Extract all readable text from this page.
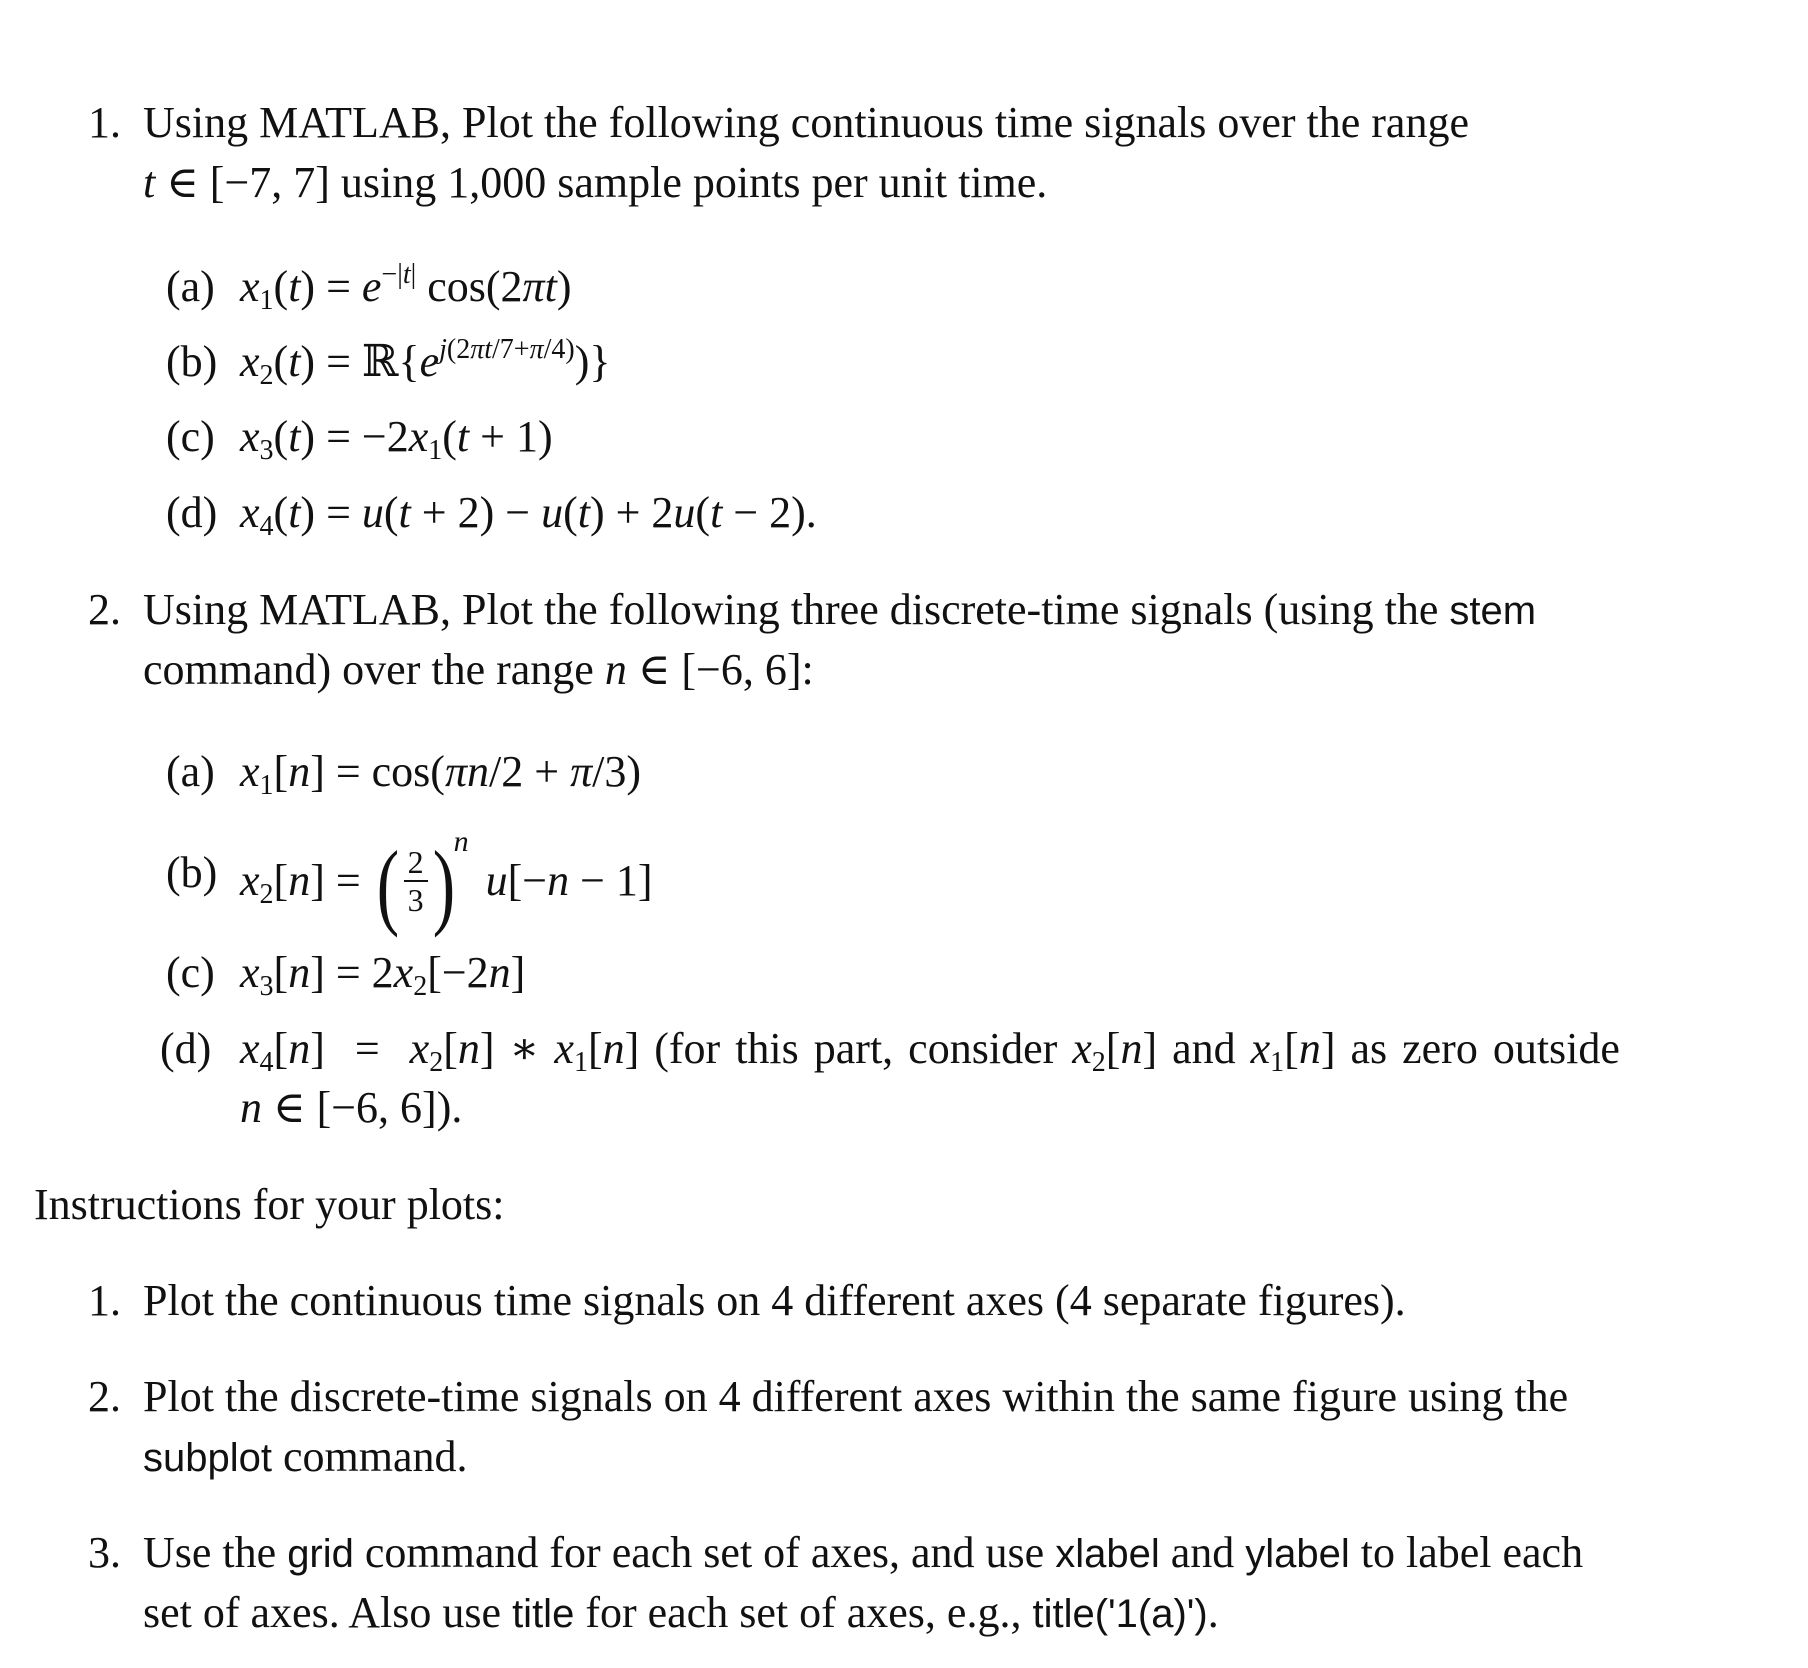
1. Using MATLAB, Plot the following continuous time signals over the range
t ∈ [−7, 7] using 1,000 sample points per unit time.
(a) $x_1(t) = e^{-|t|}$ cos(2πt)
(b) $x_2(t)$ = $ℝ\{e^{j(2\pi t/7+\pi/4)})$}
(c) $x_3(t) = -2x_1(t + 1)$
(d) $x_4(t) = u(t + 2) - u(t) + 2u(t - 2)$.
2. Using MATLAB, Plot the following three discrete-time signals (using the stem
command) over the range n ∈ [−6, 6]:
(a) $x_1[n] = \cos(\pi n/2 + \pi/3)$
(b) $x_2[n]$ = ( $\frac{2}{3} )^n$ u[−n − 1]
(c) $x_3[n] = 2x_2[-2n]$
(d) $x_4[n] = x_2[n]$ ∗ $x_1[n]$ (for this part, consider $x_2[n]$ and $x_1[n]$ as zero outside
n ∈ [−6, 6]).
Instructions for your plots:
1. Plot the continuous time signals on 4 different axes (4 separate figures).
2. Plot the discrete-time signals on 4 different axes within the same figure using the
subplot command.
3. Use the grid command for each set of axes, and use xlabel and ylabel to label each
set of axes. Also use title for each set of axes, e.g., title('1(a)').
